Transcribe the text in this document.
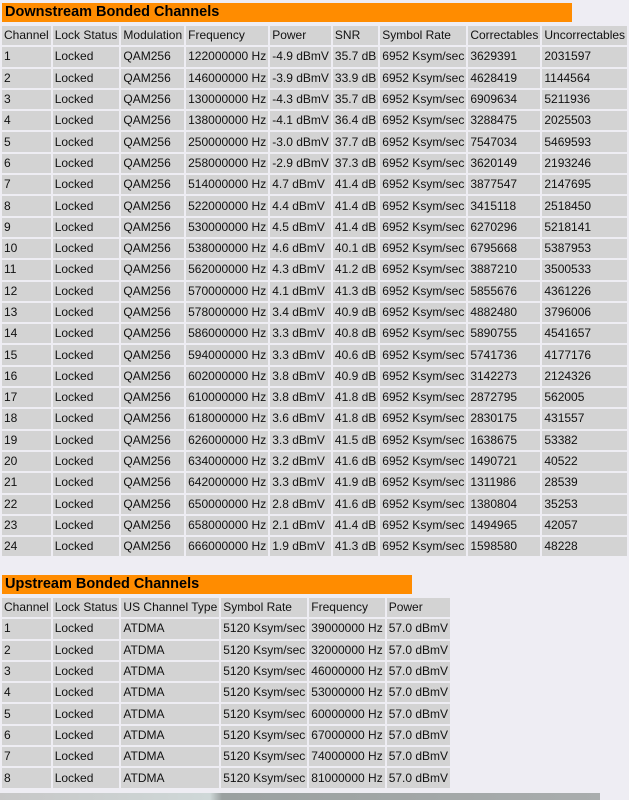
Downstream Bonded Channels
Channel	Lock Status	Modulation	Frequency	Power	SNR	Symbol Rate	Correctables	Uncorrectables
1	Locked	QAM256	122000000 Hz	-4.9 dBmV	35.7 dB	6952 Ksym/sec	3629391	2031597
2	Locked	QAM256	146000000 Hz	-3.9 dBmV	33.9 dB	6952 Ksym/sec	4628419	1144564
3	Locked	QAM256	130000000 Hz	-4.3 dBmV	35.7 dB	6952 Ksym/sec	6909634	5211936
4	Locked	QAM256	138000000 Hz	-4.1 dBmV	36.4 dB	6952 Ksym/sec	3288475	2025503
5	Locked	QAM256	250000000 Hz	-3.0 dBmV	37.7 dB	6952 Ksym/sec	7547034	5469593
6	Locked	QAM256	258000000 Hz	-2.9 dBmV	37.3 dB	6952 Ksym/sec	3620149	2193246
7	Locked	QAM256	514000000 Hz	4.7 dBmV	41.4 dB	6952 Ksym/sec	3877547	2147695
8	Locked	QAM256	522000000 Hz	4.4 dBmV	41.4 dB	6952 Ksym/sec	3415118	2518450
9	Locked	QAM256	530000000 Hz	4.5 dBmV	41.4 dB	6952 Ksym/sec	6270296	5218141
10	Locked	QAM256	538000000 Hz	4.6 dBmV	40.1 dB	6952 Ksym/sec	6795668	5387953
11	Locked	QAM256	562000000 Hz	4.3 dBmV	41.2 dB	6952 Ksym/sec	3887210	3500533
12	Locked	QAM256	570000000 Hz	4.1 dBmV	41.3 dB	6952 Ksym/sec	5855676	4361226
13	Locked	QAM256	578000000 Hz	3.4 dBmV	40.9 dB	6952 Ksym/sec	4882480	3796006
14	Locked	QAM256	586000000 Hz	3.3 dBmV	40.8 dB	6952 Ksym/sec	5890755	4541657
15	Locked	QAM256	594000000 Hz	3.3 dBmV	40.6 dB	6952 Ksym/sec	5741736	4177176
16	Locked	QAM256	602000000 Hz	3.8 dBmV	40.9 dB	6952 Ksym/sec	3142273	2124326
17	Locked	QAM256	610000000 Hz	3.8 dBmV	41.8 dB	6952 Ksym/sec	2872795	562005
18	Locked	QAM256	618000000 Hz	3.6 dBmV	41.8 dB	6952 Ksym/sec	2830175	431557
19	Locked	QAM256	626000000 Hz	3.3 dBmV	41.5 dB	6952 Ksym/sec	1638675	53382
20	Locked	QAM256	634000000 Hz	3.2 dBmV	41.6 dB	6952 Ksym/sec	1490721	40522
21	Locked	QAM256	642000000 Hz	3.3 dBmV	41.9 dB	6952 Ksym/sec	1311986	28539
22	Locked	QAM256	650000000 Hz	2.8 dBmV	41.6 dB	6952 Ksym/sec	1380804	35253
23	Locked	QAM256	658000000 Hz	2.1 dBmV	41.4 dB	6952 Ksym/sec	1494965	42057
24	Locked	QAM256	666000000 Hz	1.9 dBmV	41.3 dB	6952 Ksym/sec	1598580	48228
Upstream Bonded Channels
Channel	Lock Status	US Channel Type	Symbol Rate	Frequency	Power
1	Locked	ATDMA	5120 Ksym/sec	39000000 Hz	57.0 dBmV
2	Locked	ATDMA	5120 Ksym/sec	32000000 Hz	57.0 dBmV
3	Locked	ATDMA	5120 Ksym/sec	46000000 Hz	57.0 dBmV
4	Locked	ATDMA	5120 Ksym/sec	53000000 Hz	57.0 dBmV
5	Locked	ATDMA	5120 Ksym/sec	60000000 Hz	57.0 dBmV
6	Locked	ATDMA	5120 Ksym/sec	67000000 Hz	57.0 dBmV
7	Locked	ATDMA	5120 Ksym/sec	74000000 Hz	57.0 dBmV
8	Locked	ATDMA	5120 Ksym/sec	81000000 Hz	57.0 dBmV
